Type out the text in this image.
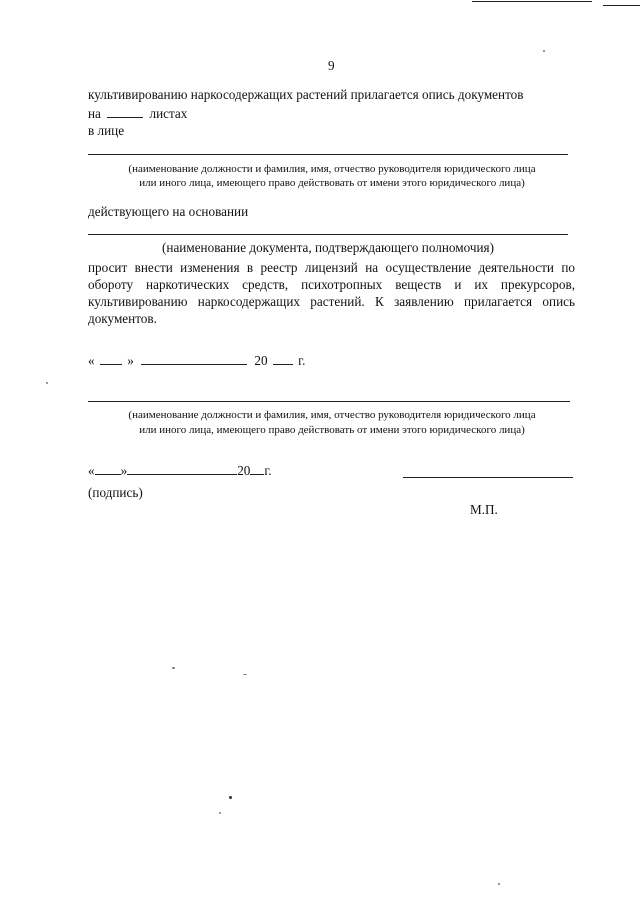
9
культивированию наркосодержащих растений прилагается опись документов
на	листах
в лице
(наименование должности и фамилия, имя, отчество руководителя юридического лица
или иного лица, имеющего право действовать от имени этого юридического лица)
действующего на основании
(наименование документа, подтверждающего полномочия)
просит внести изменения в реестр лицензий на осуществление деятельности по обороту наркотических средств, психотропных веществ и их прекурсоров, культивированию наркосодержащих растений. К заявлению прилагается опись документов.
« »	20 г.
(наименование должности и фамилия, имя, отчество руководителя юридического лица
или иного лица, имеющего право действовать от имени этого юридического лица)
« »	20 г.
(подпись)
М.П.
